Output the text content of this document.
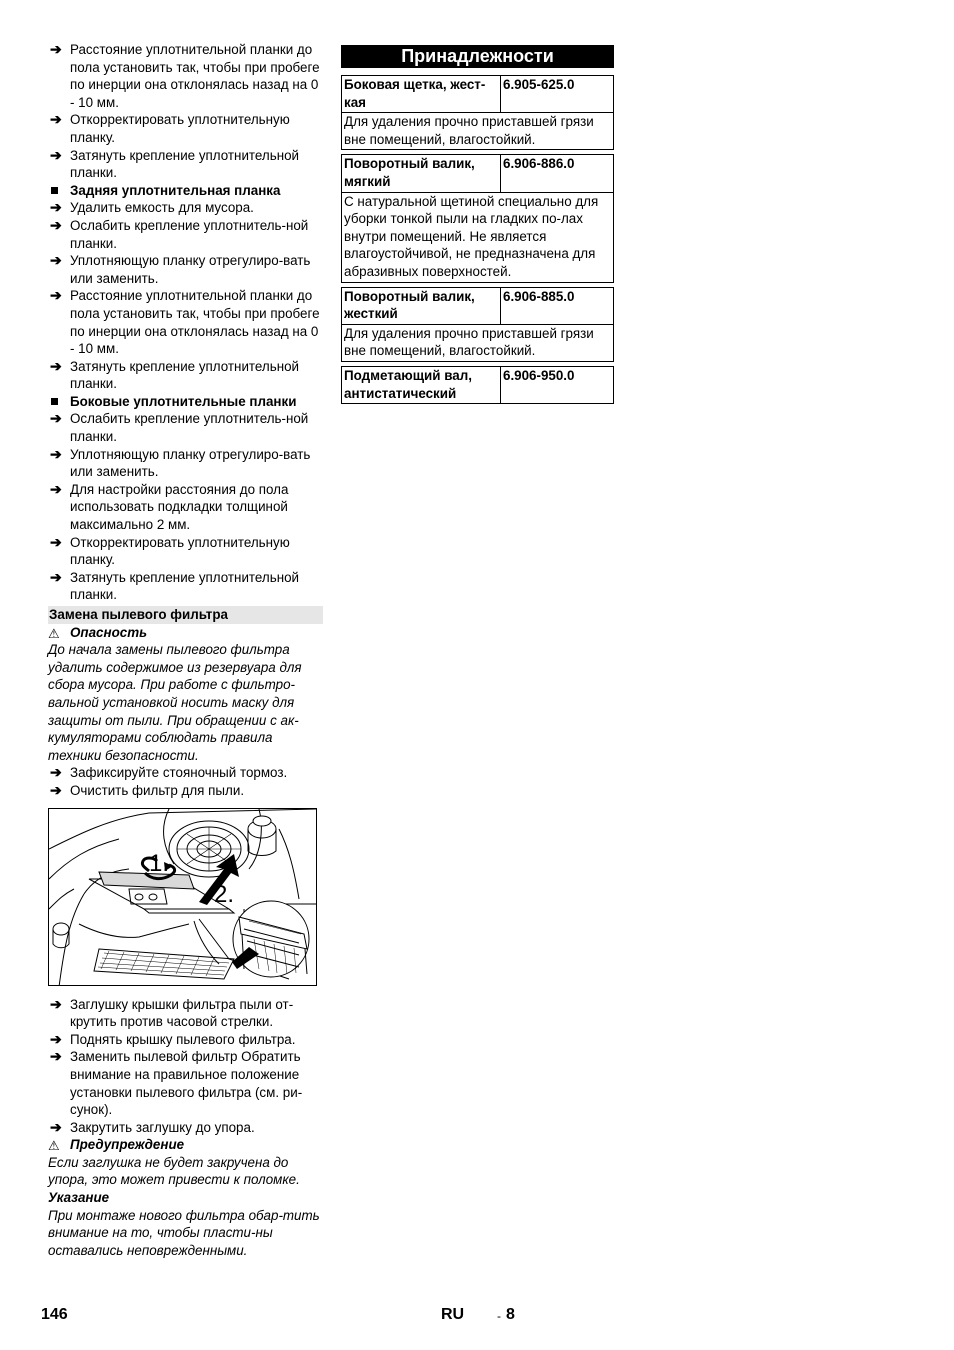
➔ Расстояние уплотнительной планки до пола установить так, чтобы при пробеге по инерции она отклонялась назад на 0 - 10 мм.
➔ Откорректировать уплотнительную планку.
➔ Затянуть крепление уплотнительной планки.
Задняя уплотнительная планка
➔ Удалить емкость для мусора.
➔ Ослабить крепление уплотнитель-ной планки.
➔ Уплотняющую планку отрегулиро-вать или заменить.
➔ Расстояние уплотнительной планки до пола установить так, чтобы при пробеге по инерции она отклонялась назад на 0 - 10 мм.
➔ Затянуть крепление уплотнительной планки.
Боковые уплотнительные планки
➔ Ослабить крепление уплотнитель-ной планки.
➔ Уплотняющую планку отрегулиро-вать или заменить.
➔ Для настройки расстояния до пола использовать подкладки толщиной максимально 2 мм.
➔ Откорректировать уплотнительную планку.
➔ Затянуть крепление уплотнительной планки.
Замена пылевого фильтра
⚠ Опасность
До начала замены пылевого фильтра удалить содержимое из резервуара для сбора мусора. При работе с фильтро-вальной установкой носить маску для защиты от пыли. При обращении с ак-кумуляторами соблюдать правила техники безопасности.
➔ Зафиксируйте стояночный тормоз.
➔ Очистить фильтр для пыли.
1.
2.
➔ Заглушку крышки фильтра пыли от-крутить против часовой стрелки.
➔ Поднять крышку пылевого фильтра.
➔ Заменить пылевой фильтр Обратить внимание на правильное положение установки пылевого фильтра (см. ри-сунок).
➔ Закрутить заглушку до упора.
⚠ Предупреждение
Если заглушка не будет закручена до упора, это может привести к поломке.
Указание
При монтаже нового фильтра обар-тить внимание на то, чтобы пласти-ны оставались неповрежденными.
Принадлежности
Боковая щетка, жест-кая	6.905-625.0
Для удаления прочно приставшей грязи вне помещений, влагостойкий.
Поворотный валик, мягкий	6.906-886.0
С натуральной щетиной специально для уборки тонкой пыли на гладких по-лах внутри помещений. Не является влагоустойчивой, не предназначена для абразивных поверхностей.
Поворотный валик, жесткий	6.906-885.0
Для удаления прочно приставшей грязи вне помещений, влагостойкий.
Подметающий вал, антистатический	6.906-950.0
146	RU	- 8
